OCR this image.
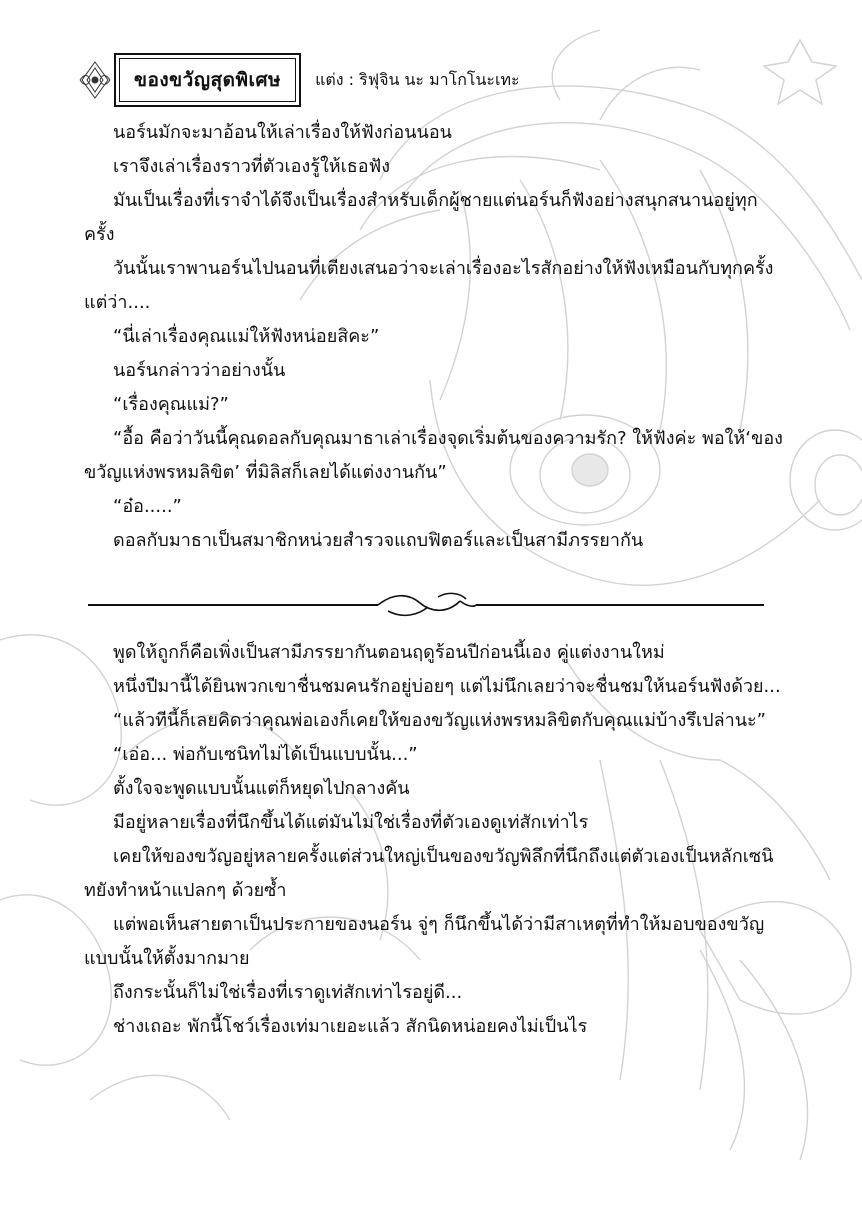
ของขวัญสุดพิเศษ	แต่ง : ริฟุจิน นะ มาโกโนะเทะ

นอร์นมักจะมาอ้อนให้เล่าเรื่องให้ฟังก่อนนอน

เราจึงเล่าเรื่องราวที่ตัวเองรู้ให้เธอฟัง

มันเป็นเรื่องที่เราจำได้จึงเป็นเรื่องสำหรับเด็กผู้ชายแต่นอร์นก็ฟังอย่างสนุกสนานอยู่ทุกครั้ง

วันนั้นเราพานอร์นไปนอนที่เตียงเสนอว่าจะเล่าเรื่องอะไรสักอย่างให้ฟังเหมือนกับทุกครั้ง แต่ว่า....

“นี่เล่าเรื่องคุณแม่ให้ฟังหน่อยสิคะ”

นอร์นกล่าวว่าอย่างนั้น

“เรื่องคุณแม่?”

“อื้อ คือว่าวันนี้คุณดอลกับคุณมาธาเล่าเรื่องจุดเริ่มต้นของความรัก? ให้ฟังค่ะ พอให้‘ของขวัญแห่งพรหมลิขิต’ ที่มิลิสก็เลยได้แต่งงานกัน”

“อ๋อ.....”

ดอลกับมาธาเป็นสมาชิกหน่วยสำรวจแถบฟิตอร์และเป็นสามีภรรยากัน

พูดให้ถูกก็คือเพิ่งเป็นสามีภรรยากันตอนฤดูร้อนปีก่อนนี้เอง คู่แต่งงานใหม่

หนึ่งปีมานี้ได้ยินพวกเขาชื่นชมคนรักอยู่บ่อยๆ แต่ไม่นึกเลยว่าจะชื่นชมให้นอร์นฟังด้วย...

“แล้วทีนี้ก็เลยคิดว่าคุณพ่อเองก็เคยให้ของขวัญแห่งพรหมลิขิตกับคุณแม่บ้างรึเปล่านะ”

“เอ่อ... พ่อกับเซนิทไม่ได้เป็นแบบนั้น...”

ตั้งใจจะพูดแบบนั้นแต่ก็หยุดไปกลางคัน

มีอยู่หลายเรื่องที่นึกขึ้นได้แต่มันไม่ใช่เรื่องที่ตัวเองดูเท่สักเท่าไร

เคยให้ของขวัญอยู่หลายครั้งแต่ส่วนใหญ่เป็นของขวัญพิลึกที่นึกถึงแต่ตัวเองเป็นหลักเซนิทยังทำหน้าแปลกๆ ด้วยซ้ำ

แต่พอเห็นสายตาเป็นประกายของนอร์น จู่ๆ ก็นึกขึ้นได้ว่ามีสาเหตุที่ทำให้มอบของขวัญแบบนั้นให้ตั้งมากมาย

ถึงกระนั้นก็ไม่ใช่เรื่องที่เราดูเท่สักเท่าไรอยู่ดี...

ช่างเถอะ พักนี้โชว์เรื่องเท่มาเยอะแล้ว สักนิดหน่อยคงไม่เป็นไร
